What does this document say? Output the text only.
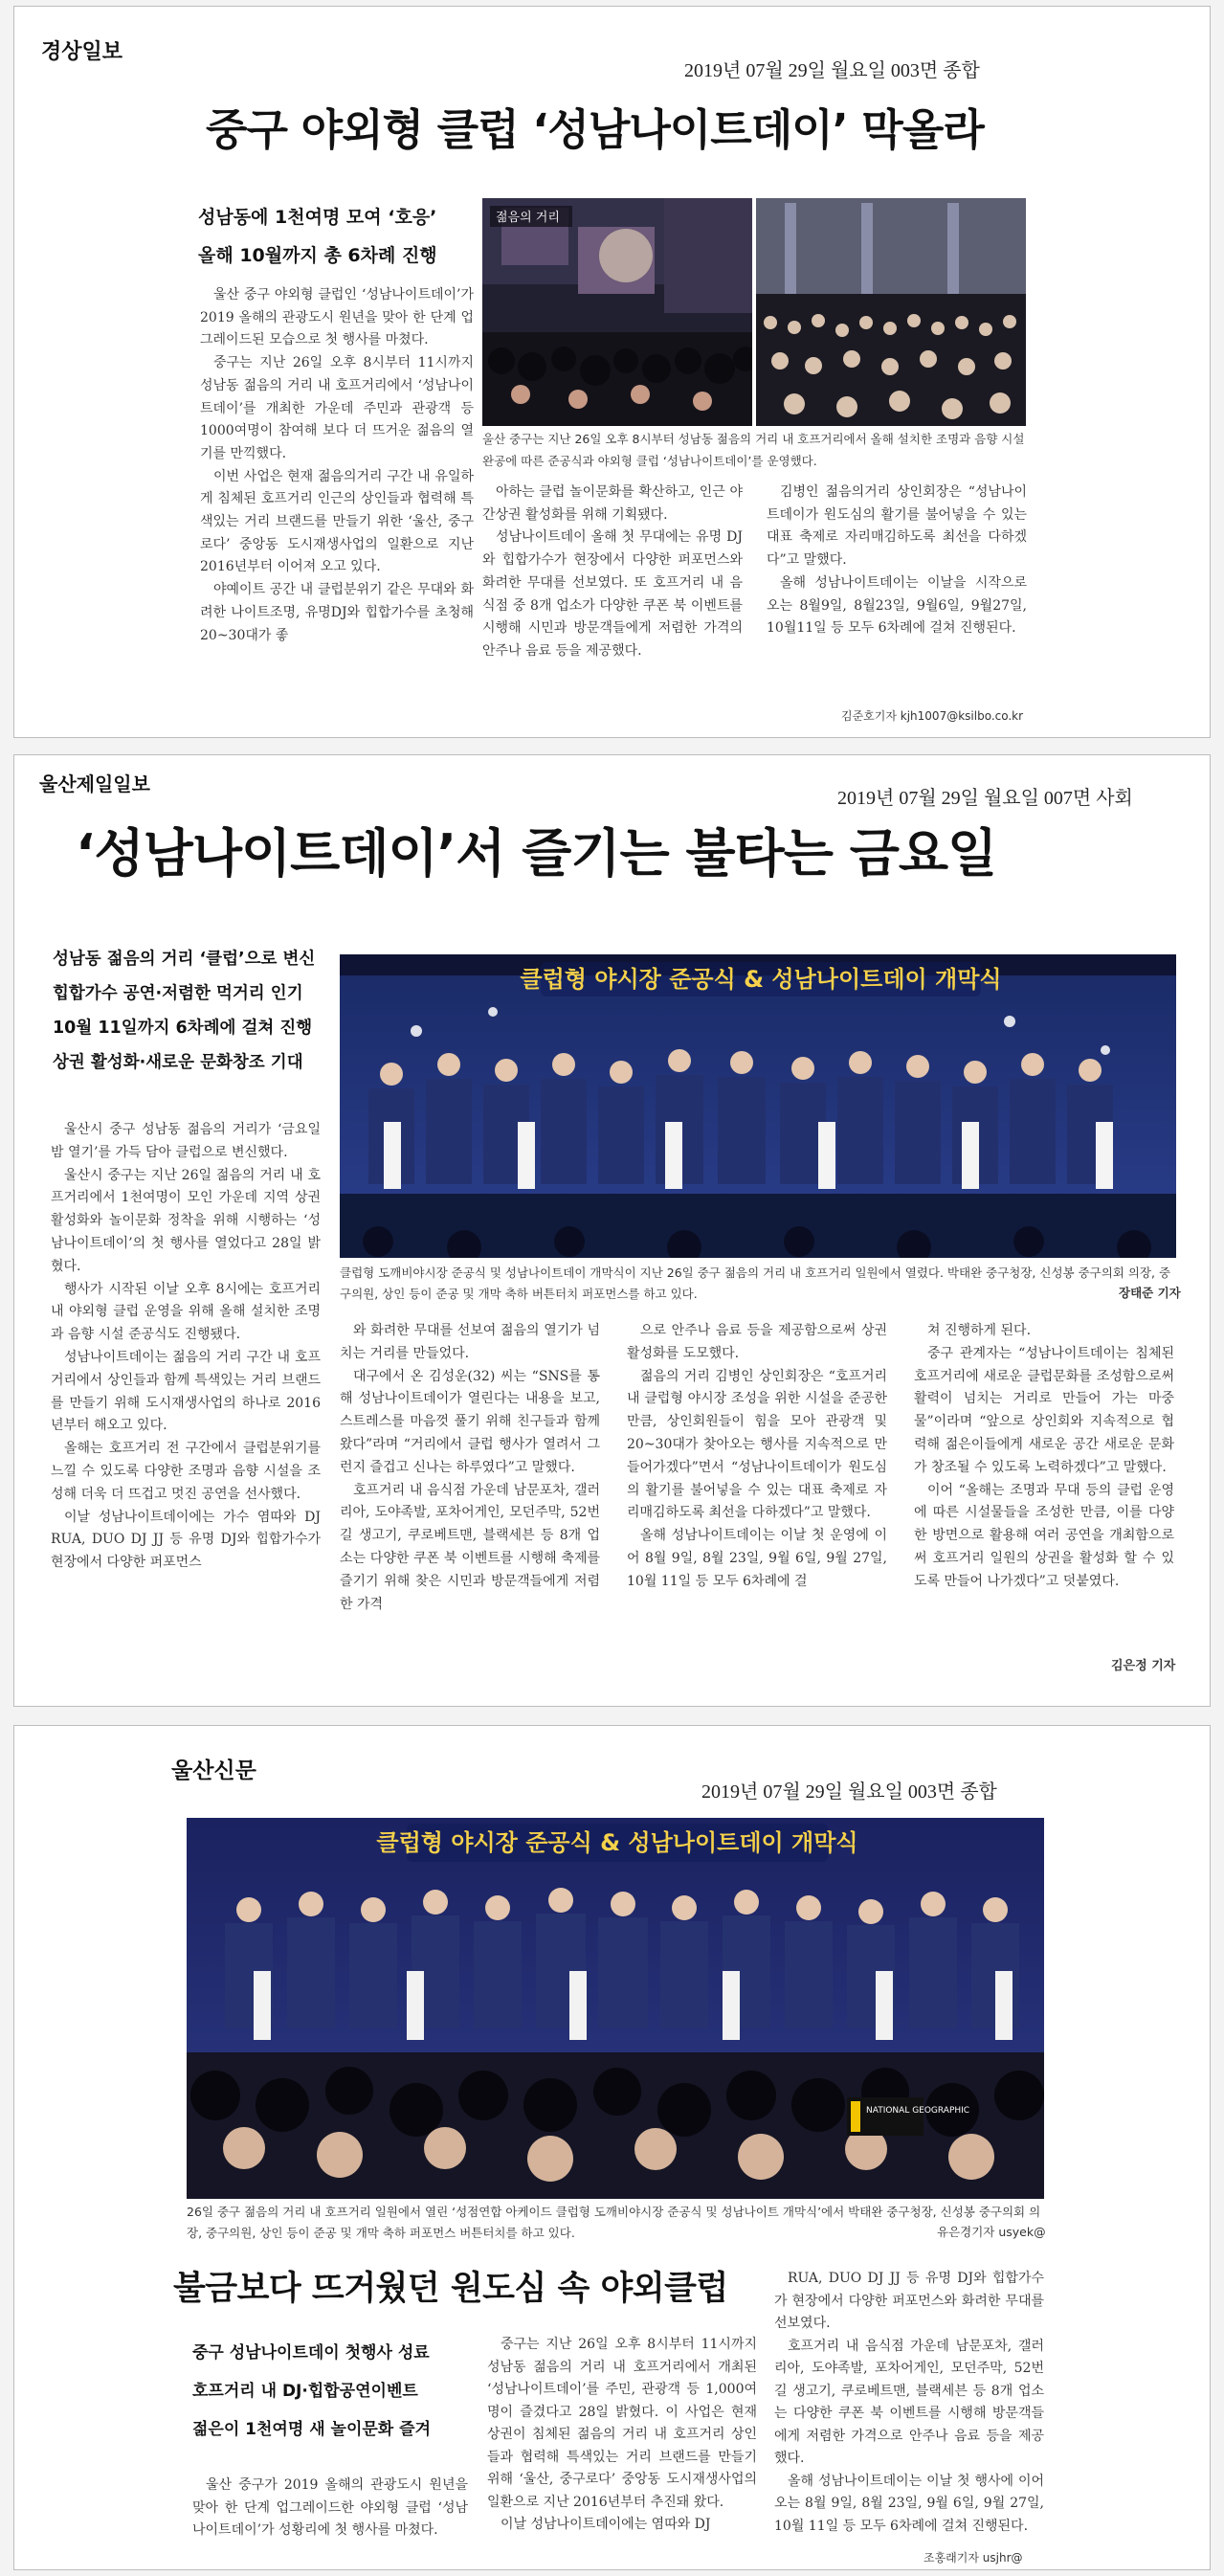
경상일보
2019년 07월 29일 월요일 003면 종합
중구 야외형 클럽 ‘성남나이트데이’ 막올라
성남동에 1천여명 모여 ‘호응’
올해 10월까지 총 6차례 진행

울산 중구 야외형 클럽인 ‘성남나이트데이’가 2019 올해의 관광도시 원년을 맞아 한 단계 업그레이드된 모습으로 첫 행사를 마쳤다.

중구는 지난 26일 오후 8시부터 11시까지 성남동 젊음의 거리 내 호프거리에서 ‘성남나이트데이’를 개최한 가운데 주민과 관광객 등 1000여명이 참여해 보다 더 뜨거운 젊음의 열기를 만끽했다.

이번 사업은 현재 젊음의거리 구간 내 유일하게 침체된 호프거리 인근의 상인들과 협력해 특색있는 거리 브랜드를 만들기 위한 ‘울산, 중구로다’ 중앙동 도시재생사업의 일환으로 지난 2016년부터 이어져 오고 있다.

야예이트 공간 내 클럽분위기 같은 무대와 화려한 나이트조명, 유명DJ와 힙합가수를 초청해 20~30대가 좋

젊음의 거리
울산 중구는 지난 26일 오후 8시부터 성남동 젊음의 거리 내 호프거리에서 올해 설치한 조명과 음향 시설 완공에 따른 준공식과 야외형 클럽 ‘성남나이트데이’를 운영했다.

아하는 클럽 놀이문화를 확산하고, 인근 야간상권 활성화를 위해 기획됐다.

성남나이트데이 올해 첫 무대에는 유명 DJ와 힙합가수가 현장에서 다양한 퍼포먼스와 화려한 무대를 선보였다. 또 호프거리 내 음식점 중 8개 업소가 다양한 쿠폰 북 이벤트를 시행해 시민과 방문객들에게 저렴한 가격의 안주나 음료 등을 제공했다.

김병인 젊음의거리 상인회장은 “성남나이트데이가 원도심의 활기를 불어넣을 수 있는 대표 축제로 자리매김하도록 최선을 다하겠다”고 말했다.

올해 성남나이트데이는 이날을 시작으로 오는 8월9일, 8월23일, 9월6일, 9월27일, 10월11일 등 모두 6차례에 걸쳐 진행된다.

김준호기자 kjh1007@ksilbo.co.kr
울산제일일보
2019년 07월 29일 월요일 007면 사회
‘성남나이트데이’서 즐기는 불타는 금요일
성남동 젊음의 거리 ‘클럽’으로 변신
힙합가수 공연·저렴한 먹거리 인기
10월 11일까지 6차례에 걸쳐 진행
상권 활성화·새로운 문화창조 기대
클럽형 야시장 준공식 & 성남나이트데이 개막식
클럽형 도깨비야시장 준공식 및 성남나이트데이 개막식이 지난 26일 중구 젊음의 거리 내 호프거리 일원에서 열렸다. 박태완 중구청장, 신성봉 중구의회 의장, 중구의원, 상인 등이 준공 및 개막 축하 버튼터치 퍼포먼스를 하고 있다.	장태준 기자

울산시 중구 성남동 젊음의 거리가 ‘금요일밤 열기’를 가득 담아 클럽으로 변신했다.

울산시 중구는 지난 26일 젊음의 거리 내 호프거리에서 1천여명이 모인 가운데 지역 상권 활성화와 놀이문화 정착을 위해 시행하는 ‘성남나이트데이’의 첫 행사를 열었다고 28일 밝혔다.

행사가 시작된 이날 오후 8시에는 호프거리 내 야외형 클럽 운영을 위해 올해 설치한 조명과 음향 시설 준공식도 진행됐다.

성남나이트데이는 젊음의 거리 구간 내 호프거리에서 상인들과 함께 특색있는 거리 브랜드를 만들기 위해 도시재생사업의 하나로 2016년부터 해오고 있다.

올해는 호프거리 전 구간에서 클럽분위기를 느낄 수 있도록 다양한 조명과 음향 시설을 조성해 더욱 더 뜨겁고 멋진 공연을 선사했다.

이날 성남나이트데이에는 가수 염따와 DJ RUA, DUO DJ JJ 등 유명 DJ와 힙합가수가 현장에서 다양한 퍼포먼스

와 화려한 무대를 선보여 젊음의 열기가 넘치는 거리를 만들었다.

대구에서 온 김성운(32) 씨는 “SNS를 통해 성남나이트데이가 열린다는 내용을 보고, 스트레스를 마음껏 풀기 위해 친구들과 함께 왔다”라며 “거리에서 클럽 행사가 열려서 그런지 즐겁고 신나는 하루였다”고 말했다.

호프거리 내 음식점 가운데 남문포차, 갤러리아, 도야족발, 포차어게인, 모던주막, 52번길 생고기, 쿠로베트맨, 블랙세븐 등 8개 업소는 다양한 쿠폰 북 이벤트를 시행해 축제를 즐기기 위해 찾은 시민과 방문객들에게 저렴한 가격

으로 안주나 음료 등을 제공함으로써 상권 활성화를 도모했다.

젊음의 거리 김병인 상인회장은 “호프거리 내 클럽형 야시장 조성을 위한 시설을 준공한 만큼, 상인회원들이 힘을 모아 관광객 및 20~30대가 찾아오는 행사를 지속적으로 만들어가겠다”면서 “성남나이트데이가 원도심의 활기를 불어넣을 수 있는 대표 축제로 자리매김하도록 최선을 다하겠다”고 말했다.

올해 성남나이트데이는 이날 첫 운영에 이어 8월 9일, 8월 23일, 9월 6일, 9월 27일, 10월 11일 등 모두 6차례에 걸

쳐 진행하게 된다.

중구 관계자는 “성남나이트데이는 침체된 호프거리에 새로운 클럽문화를 조성함으로써 활력이 넘치는 거리로 만들어 가는 마중물”이라며 “앞으로 상인회와 지속적으로 협력해 젊은이들에게 새로운 공간 새로운 문화가 창조될 수 있도록 노력하겠다”고 말했다.

이어 “올해는 조명과 무대 등의 클럽 운영에 따른 시설물들을 조성한 만큼, 이를 다양한 방면으로 활용해 여러 공연을 개최함으로써 호프거리 일원의 상권을 활성화 할 수 있도록 만들어 나가겠다”고 덧붙였다.

김은정 기자
울산신문
2019년 07월 29일 월요일 003면 종합
클럽형 야시장 준공식 & 성남나이트데이 개막식
NATIONAL GEOGRAPHIC
26일 중구 젊음의 거리 내 호프거리 일원에서 열린 ‘성점연합 아케이드 클럽형 도깨비야시장 준공식 및 성남나이트 개막식’에서 박태완 중구청장, 신성봉 중구의회 의장, 중구의원, 상인 등이 준공 및 개막 축하 퍼포먼스 버튼터치를 하고 있다.	유은경기자 usyek@
불금보다 뜨거웠던 원도심 속 야외클럽
중구 성남나이트데이 첫행사 성료
호프거리 내 DJ·힙합공연이벤트
젊은이 1천여명 새 놀이문화 즐겨

울산 중구가 2019 올해의 관광도시 원년을 맞아 한 단계 업그레이드한 야외형 클럽 ‘성남나이트데이’가 성황리에 첫 행사를 마쳤다.

중구는 지난 26일 오후 8시부터 11시까지 성남동 젊음의 거리 내 호프거리에서 개최된 ‘성남나이트데이’를 주민, 관광객 등 1,000여 명이 즐겼다고 28일 밝혔다. 이 사업은 현재 상권이 침체된 젊음의 거리 내 호프거리 상인들과 협력해 특색있는 거리 브랜드를 만들기 위해 ‘울산, 중구로다’ 중앙동 도시재생사업의 일환으로 지난 2016년부터 추진돼 왔다.

이날 성남나이트데이에는 염따와 DJ

RUA, DUO DJ JJ 등 유명 DJ와 힙합가수가 현장에서 다양한 퍼포먼스와 화려한 무대를 선보였다.

호프거리 내 음식점 가운데 남문포차, 갤러리아, 도야족발, 포차어게인, 모던주막, 52번길 생고기, 쿠로베트맨, 블랙세븐 등 8개 업소는 다양한 쿠폰 북 이벤트를 시행해 방문객들에게 저렴한 가격으로 안주나 음료 등을 제공했다.

올해 성남나이트데이는 이날 첫 행사에 이어 오는 8월 9일, 8월 23일, 9월 6일, 9월 27일, 10월 11일 등 모두 6차례에 걸쳐 진행된다.

조홍래기자 usjhr@
